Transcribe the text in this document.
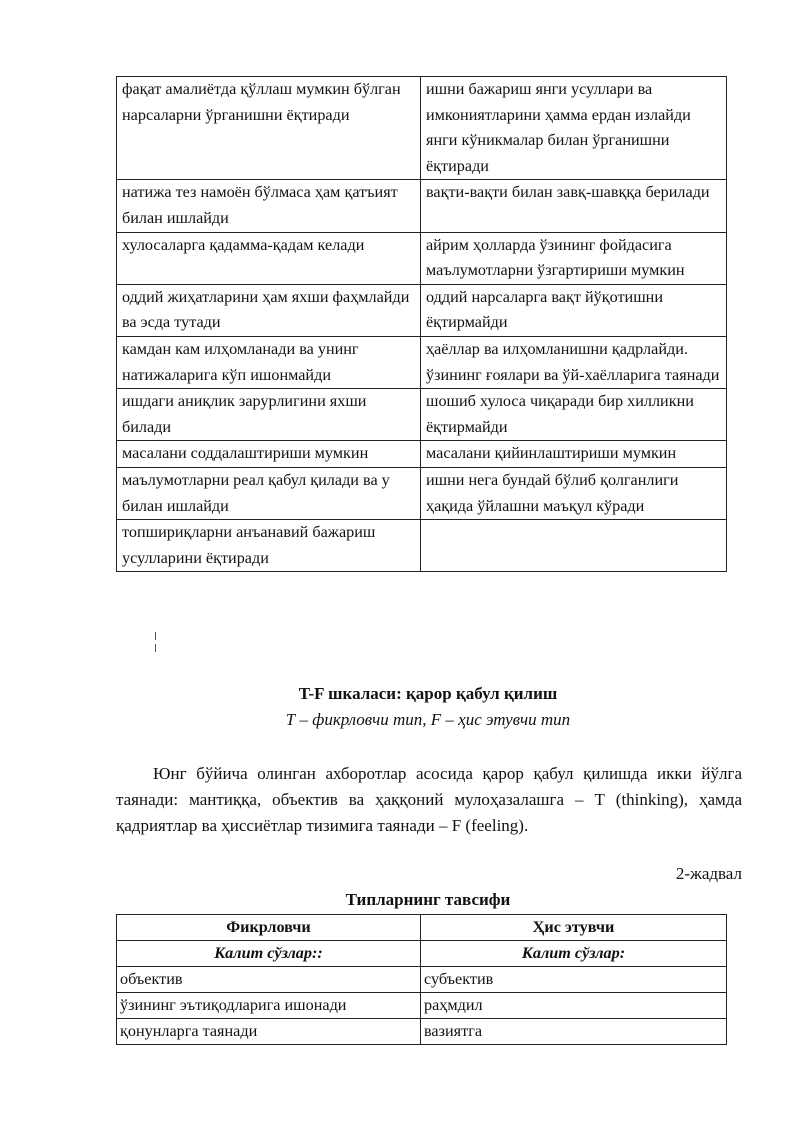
фақат амалиётда қўллаш мумкин бўлган нарсаларни ўрганишни ёқтиради	ишни бажариш янги усуллари ва имкониятларини ҳамма ердан излайди янги кўникмалар билан ўрганишни ёқтиради
натижа тез намоён бўлмаса ҳам қатъият билан ишлайди	вақти-вақти билан завқ-шавққа берилади
хулосаларга қадамма-қадам келади	айрим ҳолларда ўзининг фойдасига маълумотларни ўзгартириши мумкин
оддий жиҳатларини ҳам яхши фаҳмлайди ва эсда тутади	оддий нарсаларга вақт йўқотишни ёқтирмайди
камдан кам илҳомланади ва унинг натижаларига кўп ишонмайди	ҳаёллар ва илҳомланишни қадрлайди. ўзининг ғоялари ва ўй-хаёлларига таянади
ишдаги аниқлик зарурлигини яхши билади	шошиб хулоса чиқаради бир хилликни ёқтирмайди
масалани соддалаштириши мумкин	масалани қийинлаштириши мумкин
маълумотларни реал қабул қилади ва у билан ишлайди	ишни нега бундай бўлиб қолганлиги ҳақида ўйлашни маъқул кўради
топшириқларни анъанавий бажариш усулларини ёқтиради	
T-F шкаласи: қарор қабул қилиш
Т – фикрловчи тип, F – ҳис этувчи тип

Юнг бўйича олинган ахборотлар асосида қарор қабул қилишда икки йўлга таянади: мантиққа, объектив ва ҳаққоний мулоҳазалашга – Т (thinking), ҳамда қадриятлар ва ҳиссиётлар тизимига таянади – F (feeling).

2-жадвал
Типларнинг тавсифи
Фикрловчи	Ҳис этувчи
Калит сўзлар::	Калит сўзлар:
объектив	субъектив
ўзининг эътиқодларига ишонади	раҳмдил
қонунларга таянади	вазиятга
